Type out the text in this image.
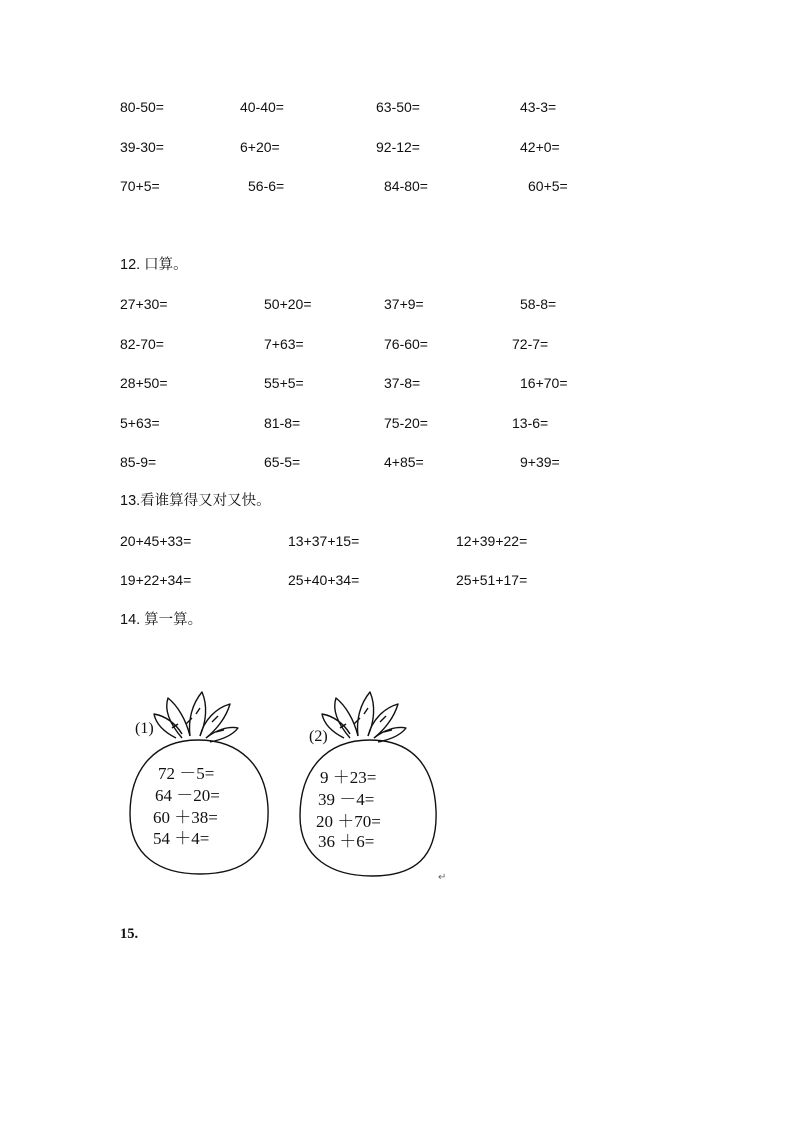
80-50=	40-40=	63-50=	43-3=
39-30=	6+20=	92-12=	42+0=
70+5=	56-6=	84-80=	60+5=
12. 口算。
27+30=	50+20=	37+9=	58-8=
82-70=	7+63=	76-60=	72-7=
28+50=	55+5=	37-8=	16+70=
5+63=	81-8=	75-20=	13-6=
85-9=	65-5=	4+85=	9+39=
13.看谁算得又对又快。
20+45+33=	13+37+15=	12+39+22=
19+22+34=	25+40+34=	25+51+17=
14. 算一算。
(1)
72 －5=
64 －20=
60 ＋38=
54 ＋4=
(2)
9 ＋23=
39 －4=
20 ＋70=
36 ＋6=
↵
15.
